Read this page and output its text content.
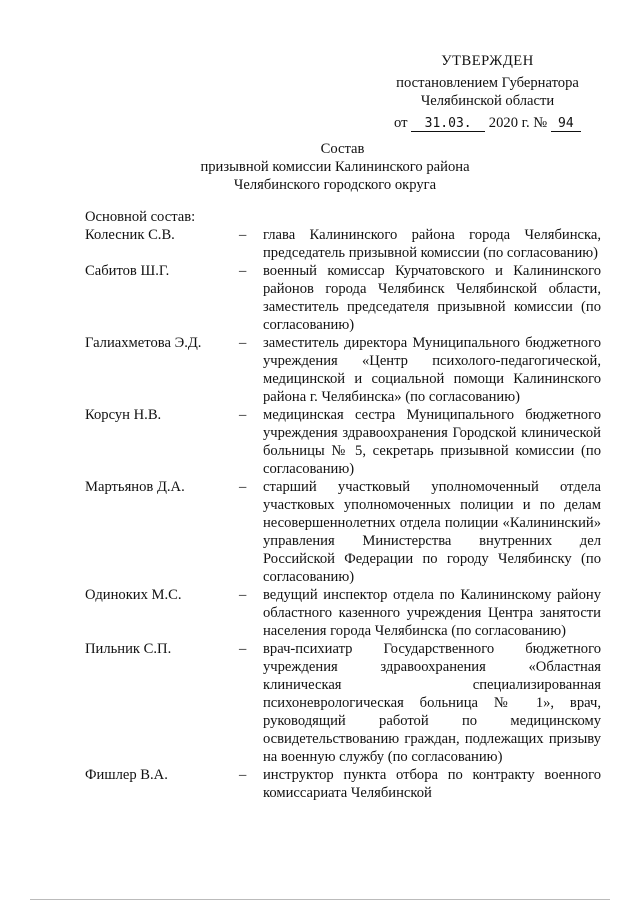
УТВЕРЖДЕН
постановлением Губернатора
Челябинской области
от 31.03. 2020 г. № 94
Состав
призывной комиссии Калининского района
Челябинского городского округа
Основной состав:
Колесник С.В.	–	глава Калининского района города Челябинска, председатель призывной комиссии (по согласованию)
Сабитов Ш.Г.	–	военный комиссар Курчатовского и Калининского районов города Челябинск Челябинской области, заместитель председателя призывной комиссии (по согласованию)
Галиахметова Э.Д.	–	заместитель директора Муниципального бюджетного учреждения «Центр психолого-педагогической, медицинской и социальной помощи Калининского района г. Челябинска» (по согласованию)
Корсун Н.В.	–	медицинская сестра Муниципального бюджетного учреждения здравоохранения Городской клинической больницы № 5, секретарь призывной комиссии (по согласованию)
Мартьянов Д.А.	–	старший участковый уполномоченный отдела участковых уполномоченных полиции и по делам несовершеннолетних отдела полиции «Калининский» управления Министерства внутренних дел Российской Федерации по городу Челябинску (по согласованию)
Одиноких М.С.	–	ведущий инспектор отдела по Калининскому району областного казенного учреждения Центра занятости населения города Челябинска (по согласованию)
Пильник С.П.	–	врач-психиатр Государственного бюджетного учреждения здравоохранения «Областная клиническая специализированная психоневрологическая больница № 1», врач, руководящий работой по медицинскому освидетельствованию граждан, подлежащих призыву на военную службу (по согласованию)
Фишлер В.А.	–	инструктор пункта отбора по контракту военного комиссариата Челябинской
